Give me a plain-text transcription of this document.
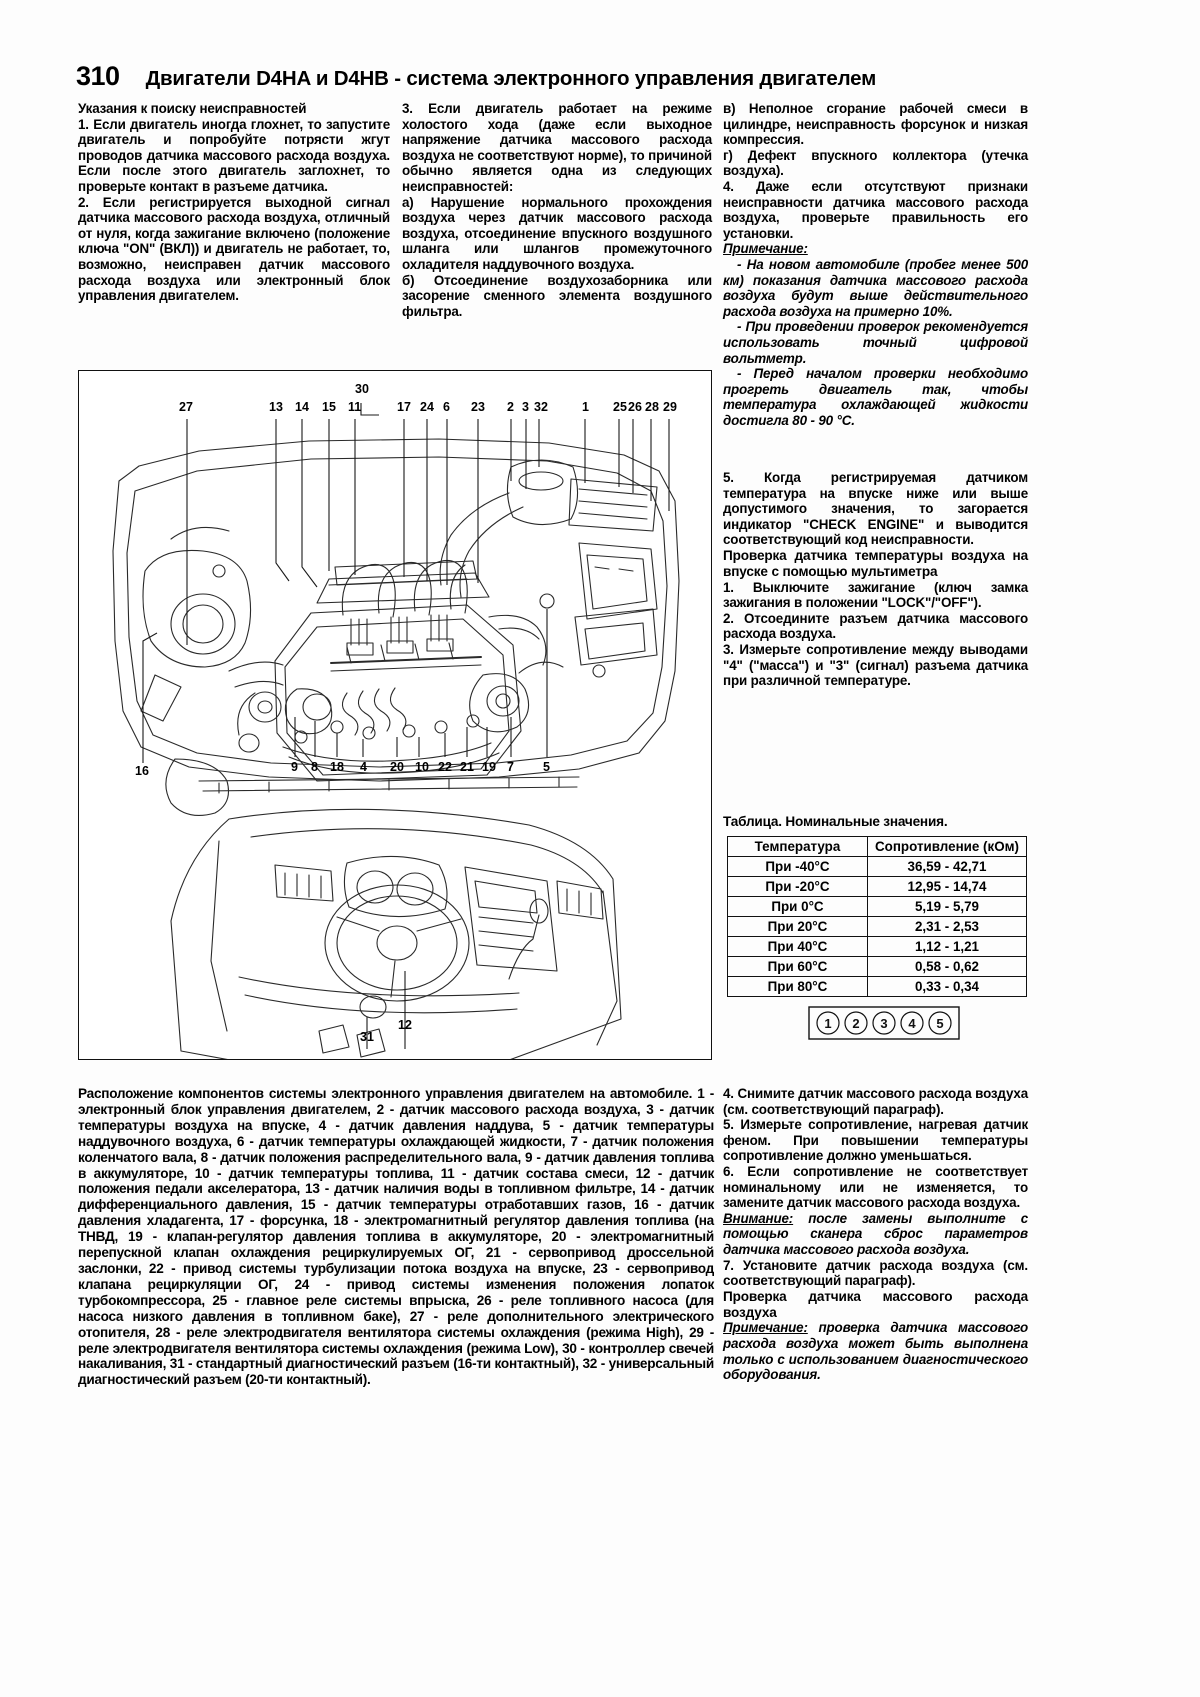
310 Двигатели D4HA и D4HB - система электронного управления двигателем

Указания к поиску неисправностей

1. Если двигатель иногда глохнет, то запустите двигатель и попробуйте потрясти жгут проводов датчика массового расхода воздуха. Если после этого двигатель заглохнет, то проверьте контакт в разъеме датчика.

2. Если регистрируется выходной сигнал датчика массового расхода воздуха, отличный от нуля, когда зажигание включено (положение ключа "ON" (ВКЛ)) и двигатель не работает, то, возможно, неисправен датчик массового расхода воздуха или электронный блок управления двигателем.

3. Если двигатель работает на режиме холостого хода (даже если выходное напряжение датчика массового расхода воздуха не соответствуют норме), то причиной обычно является одна из следующих неисправностей:

а) Нарушение нормального прохождения воздуха через датчик массового расхода воздуха, отсоединение впускного воздушного шланга или шлангов промежуточного охладителя наддувочного воздуха.

б) Отсоединение воздухозаборника или засорение сменного элемента воздушного фильтра.

в) Неполное сгорание рабочей смеси в цилиндре, неисправность форсунок и низкая компрессия.

г) Дефект впускного коллектора (утечка воздуха).

4. Даже если отсутствуют признаки неисправности датчика массового расхода воздуха, проверьте правильность его установки.

Примечание:

- На новом автомобиле (пробег менее 500 км) показания датчика массового расхода воздуха будут выше действительного расхода воздуха на примерно 10%.

- При проведении проверок рекомендуется использовать точный цифровой вольтметр.

- Перед началом проверки необходимо прогреть двигатель так, чтобы температура охлаждающей жидкости достигла 80 - 90 °С.

5. Когда регистрируемая датчиком температура на впуске ниже или выше допустимого значения, то загорается индикатор "CHECK ENGINE" и выводится соответствующий код неисправности.

Проверка датчика температуры воздуха на впуске с помощью мультиметра

1. Выключите зажигание (ключ замка зажигания в положении "LOCK"/"OFF").

2. Отсоедините разъем датчика массового расхода воздуха.

3. Измерьте сопротивление между выводами "4" ("масса") и "3" (сигнал) разъема датчика при различной температуре.

Таблица. Номинальные значения.
Температура	Сопротивление (кОм)
При -40°С	36,59 - 42,71
При -20°С	12,95 - 14,74
При 0°С	5,19 - 5,79
При 20°С	2,31 - 2,53
При 40°С	1,12 - 1,21
При 60°С	0,58 - 0,62
При 80°С	0,33 - 0,34
1 2 3 4 5
27	13 14 15 11	17 24 6 23 2 3 32	1 25 26 28 29
30
16	9 8 18 4 20 10 22 21 19 7 5
31
12
Расположение компонентов системы электронного управления двигателем на автомобиле. 1 - электронный блок управления двигателем, 2 - датчик массового расхода воздуха, 3 - датчик температуры воздуха на впуске, 4 - датчик давления наддува, 5 - датчик температуры наддувочного воздуха, 6 - датчик температуры охлаждающей жидкости, 7 - датчик положения коленчатого вала, 8 - датчик положения распределительного вала, 9 - датчик давления топлива в аккумуляторе, 10 - датчик температуры топлива, 11 - датчик состава смеси, 12 - датчик положения педали акселератора, 13 - датчик наличия воды в топливном фильтре, 14 - датчик дифференциального давления, 15 - датчик температуры отработавших газов, 16 - датчик давления хладагента, 17 - форсунка, 18 - электромагнитный регулятор давления топлива (на ТНВД, 19 - клапан-регулятор давления топлива в аккумуляторе, 20 - электромагнитный перепускной клапан охлаждения рециркулируемых ОГ, 21 - сервопривод дроссельной заслонки, 22 - привод системы турбулизации потока воздуха на впуске, 23 - сервопривод клапана рециркуляции ОГ, 24 - привод системы изменения положения лопаток турбокомпрессора, 25 - главное реле системы впрыска, 26 - реле топливного насоса (для насоса низкого давления в топливном баке), 27 - реле дополнительного электрического отопителя, 28 - реле электродвигателя вентилятора системы охлаждения (режима High), 29 - реле электродвигателя вентилятора системы охлаждения (режима Low), 30 - контроллер свечей накаливания, 31 - стандартный диагностический разъем (16-ти контактный), 32 - универсальный диагностический разъем (20-ти контактный).

4. Снимите датчик массового расхода воздуха (см. соответствующий параграф).

5. Измерьте сопротивление, нагревая датчик феном. При повышении температуры сопротивление должно уменьшаться.

6. Если сопротивление не соответствует номинальному или не изменяется, то замените датчик массового расхода воздуха.

Внимание: после замены выполните с помощью сканера сброс параметров датчика массового расхода воздуха.

7. Установите датчик расхода воздуха (см. соответствующий параграф).

Проверка датчика массового расхода воздуха

Примечание: проверка датчика массового расхода воздуха может быть выполнена только с использованием диагностического оборудования.
